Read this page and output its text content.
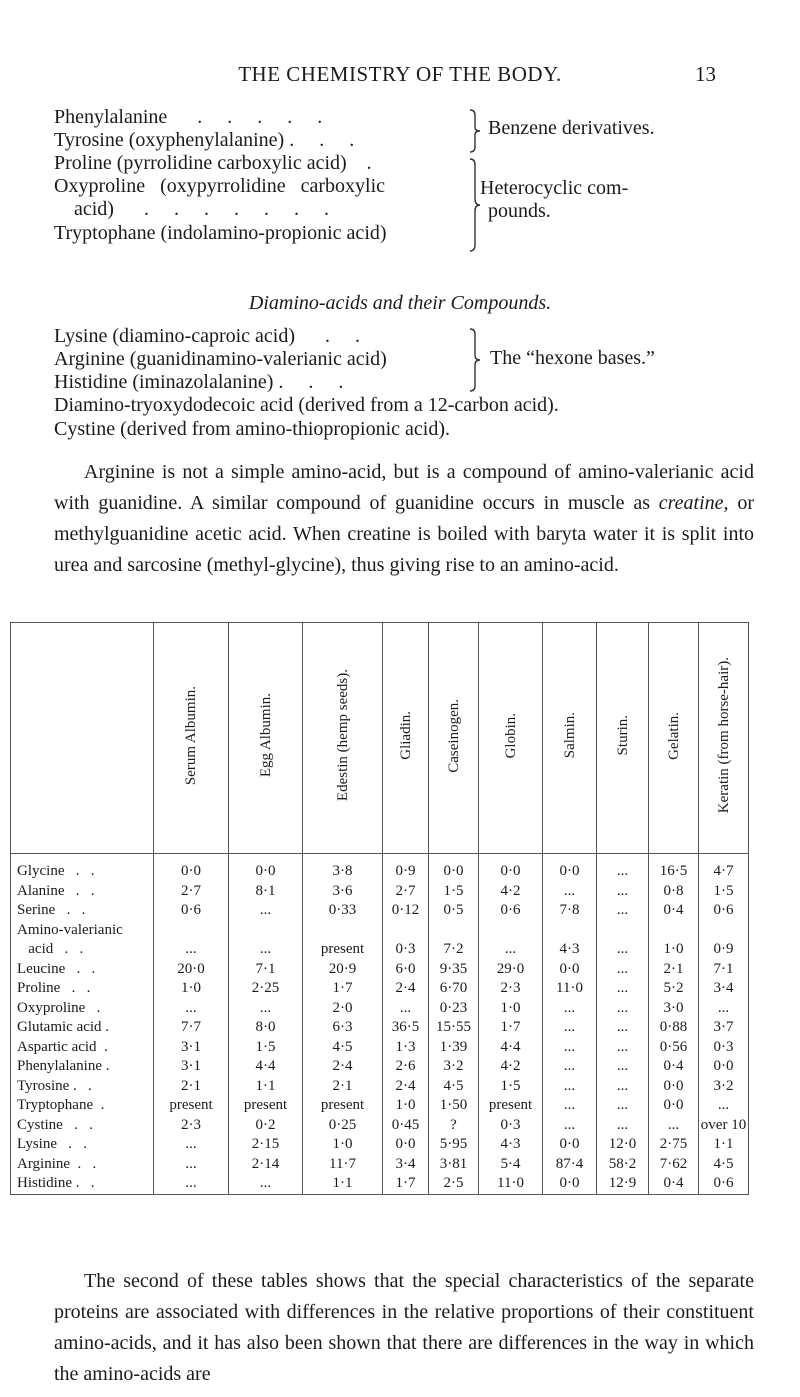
THE CHEMISTRY OF THE BODY.	13
Phenylalanine      .     .     .     .     .
Tyrosine (oxyphenylalanine) .     .     .
Proline (pyrrolidine carboxylic acid)    .
Oxyproline   (oxypyrrolidine   carboxylic
acid)      .     .     .     .     .     .     .
Tryptophane (indolamino-propionic acid)
Benzene derivatives.
Heterocyclic com-
pounds.
Diamino-acids and their Compounds.
Lysine (diamino-caproic acid)      .     .
Arginine (guanidinamino-valerianic acid)
Histidine (iminazolalanine) .     .     .
Diamino-tryoxydodecoic acid (derived from a 12-carbon acid).
Cystine (derived from amino-thiopropionic acid).
The “hexone bases.”
Arginine is not a simple amino-acid, but is a compound of amino-valerianic acid with guanidine. A similar compound of guanidine occurs in muscle as creatine, or methylguanidine acetic acid. When creatine is boiled with baryta water it is split into urea and sarcosine (methyl-glycine), thus giving rise to an amino-acid.
	Serum Albumin.	Egg Albumin.	Edestin (hemp seeds).	Gliadin.	Caseinogen.	Globin.	Salmin.	Sturin.	Gelatin.	Keratin (from horse-hair).
Glycine   .   .	0·0	0·0	3·8	0·9	0·0	0·0	0·0	...	16·5	4·7
Alanine   .   .	2·7	8·1	3·6	2·7	1·5	4·2	...	...	0·8	1·5
Serine   .   .	0·6	...	0·33	0·12	0·5	0·6	7·8	...	0·4	0·6
Amino-valerianic										
acid   .   .	...	...	present	0·3	7·2	...	4·3	...	1·0	0·9
Leucine   .   .	20·0	7·1	20·9	6·0	9·35	29·0	0·0	...	2·1	7·1
Proline   .   .	1·0	2·25	1·7	2·4	6·70	2·3	11·0	...	5·2	3·4
Oxyproline   .	...	...	2·0	...	0·23	1·0	...	...	3·0	...
Glutamic acid .	7·7	8·0	6·3	36·5	15·55	1·7	...	...	0·88	3·7
Aspartic acid  .	3·1	1·5	4·5	1·3	1·39	4·4	...	...	0·56	0·3
Phenylalanine .	3·1	4·4	2·4	2·6	3·2	4·2	...	...	0·4	0·0
Tyrosine .   .	2·1	1·1	2·1	2·4	4·5	1·5	...	...	0·0	3·2
Tryptophane  .	present	present	present	1·0	1·50	present	...	...	0·0	...
Cystine   .   .	2·3	0·2	0·25	0·45	?	0·3	...	...	...	over 10
Lysine   .   .	...	2·15	1·0	0·0	5·95	4·3	0·0	12·0	2·75	1·1
Arginine  .   .	...	2·14	11·7	3·4	3·81	5·4	87·4	58·2	7·62	4·5
Histidine .   .	...	...	1·1	1·7	2·5	11·0	0·0	12·9	0·4	0·6
The second of these tables shows that the special characteristics of the separate proteins are associated with differences in the relative proportions of their constituent amino-acids, and it has also been shown that there are differences in the way in which the amino-acids are
